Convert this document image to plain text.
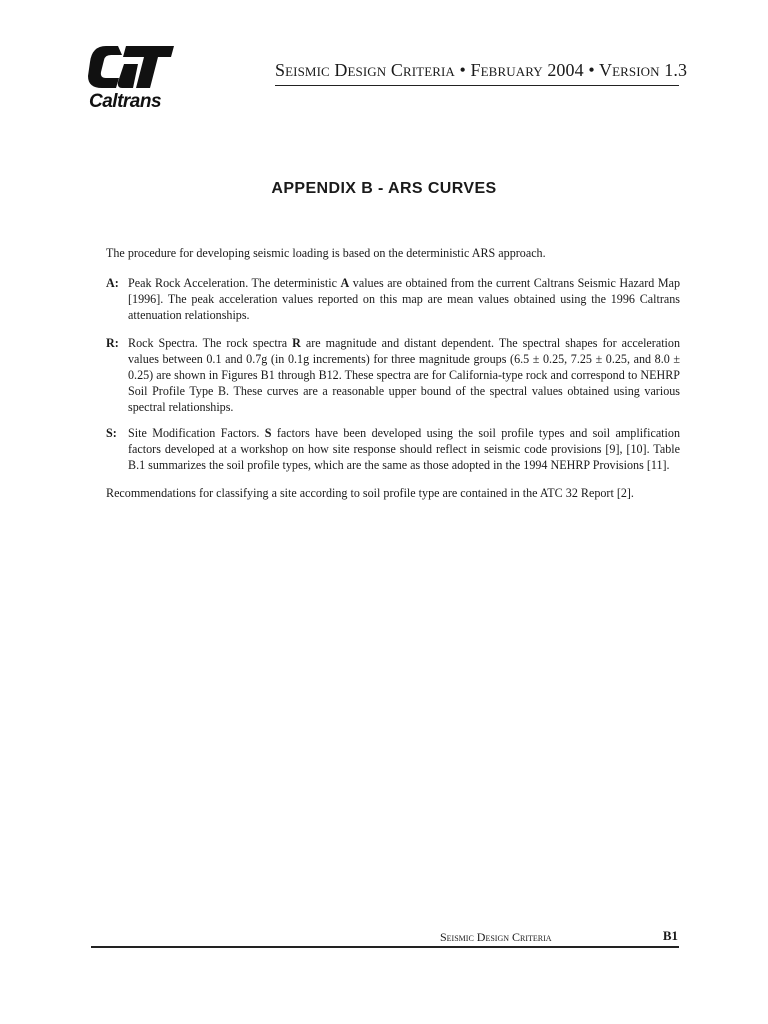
Caltrans
Seismic Design Criteria • February 2004 • Version 1.3
APPENDIX B - ARS CURVES
The procedure for developing seismic loading is based on the deterministic ARS approach.
A: Peak Rock Acceleration. The deterministic A values are obtained from the current Caltrans Seismic Hazard Map [1996]. The peak acceleration values reported on this map are mean values obtained using the 1996 Caltrans attenuation relationships.
R: Rock Spectra. The rock spectra R are magnitude and distant dependent. The spectral shapes for acceleration values between 0.1 and 0.7g (in 0.1g increments) for three magnitude groups (6.5 ± 0.25, 7.25 ± 0.25, and 8.0 ± 0.25) are shown in Figures B1 through B12. These spectra are for California-type rock and correspond to NEHRP Soil Profile Type B. These curves are a reasonable upper bound of the spectral values obtained using various spectral relationships.
S: Site Modification Factors. S factors have been developed using the soil profile types and soil amplification factors developed at a workshop on how site response should reflect in seismic code provisions [9], [10]. Table B.1 summarizes the soil profile types, which are the same as those adopted in the 1994 NEHRP Provisions [11].
Recommendations for classifying a site according to soil profile type are contained in the ATC 32 Report [2].
Seismic Design Criteria	B1
